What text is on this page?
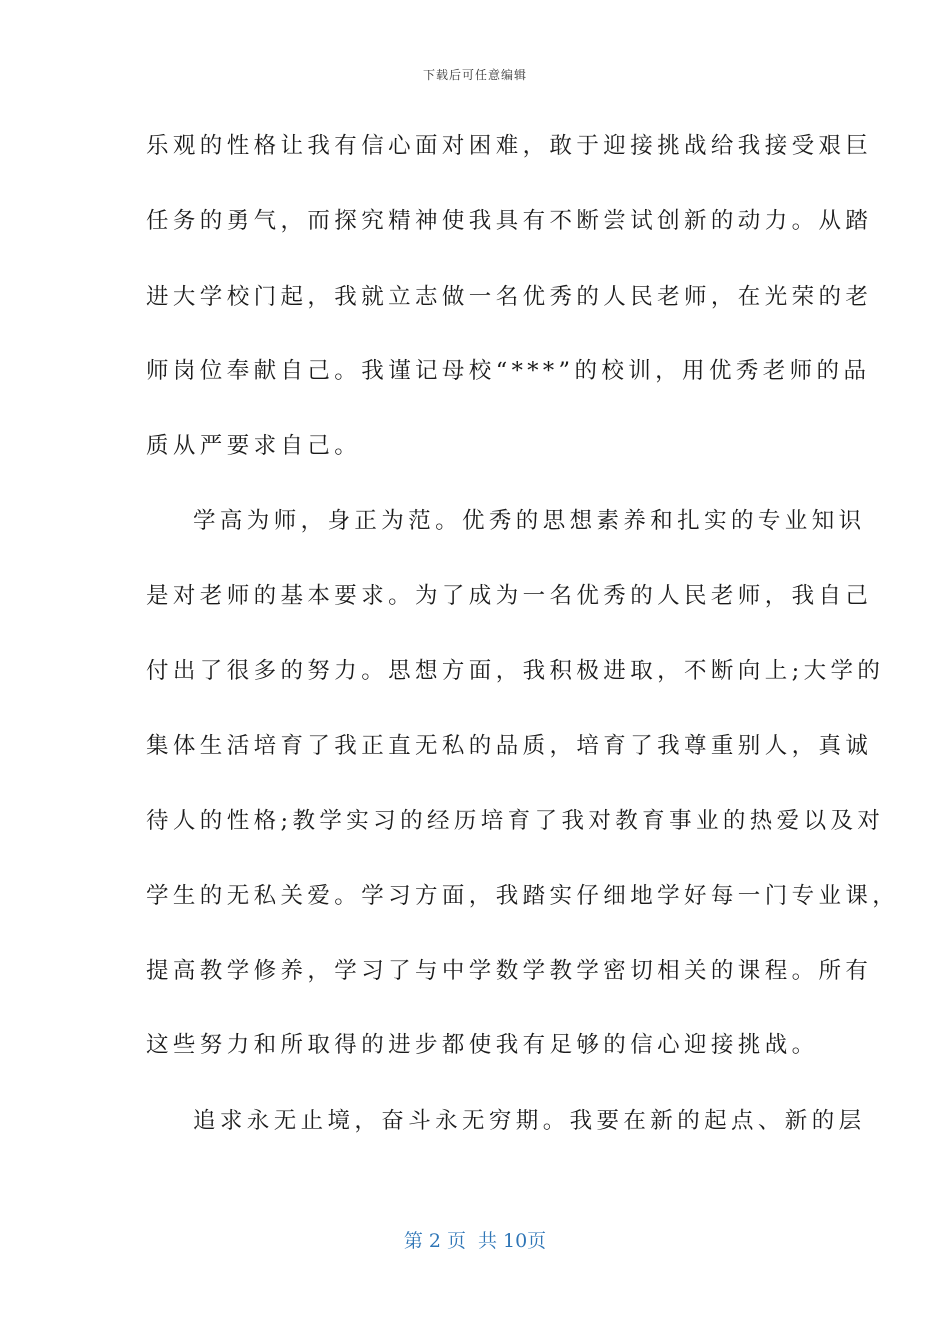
下载后可任意编辑
乐观的性格让我有信心面对困难，敢于迎接挑战给我接受艰巨
任务的勇气，而探究精神使我具有不断尝试创新的动力。从踏
进大学校门起，我就立志做一名优秀的人民老师，在光荣的老
师岗位奉献自己。我谨记母校“***”的校训，用优秀老师的品
质从严要求自己。
学高为师，身正为范。优秀的思想素养和扎实的专业知识
是对老师的基本要求。为了成为一名优秀的人民老师，我自己
付出了很多的努力。思想方面，我积极进取，不断向上;大学的
集体生活培育了我正直无私的品质，培育了我尊重别人，真诚
待人的性格;教学实习的经历培育了我对教育事业的热爱以及对
学生的无私关爱。学习方面，我踏实仔细地学好每一门专业课，
提高教学修养，学习了与中学数学教学密切相关的课程。所有
这些努力和所取得的进步都使我有足够的信心迎接挑战。
追求永无止境，奋斗永无穷期。我要在新的起点、新的层
第 2 页 共 10页
